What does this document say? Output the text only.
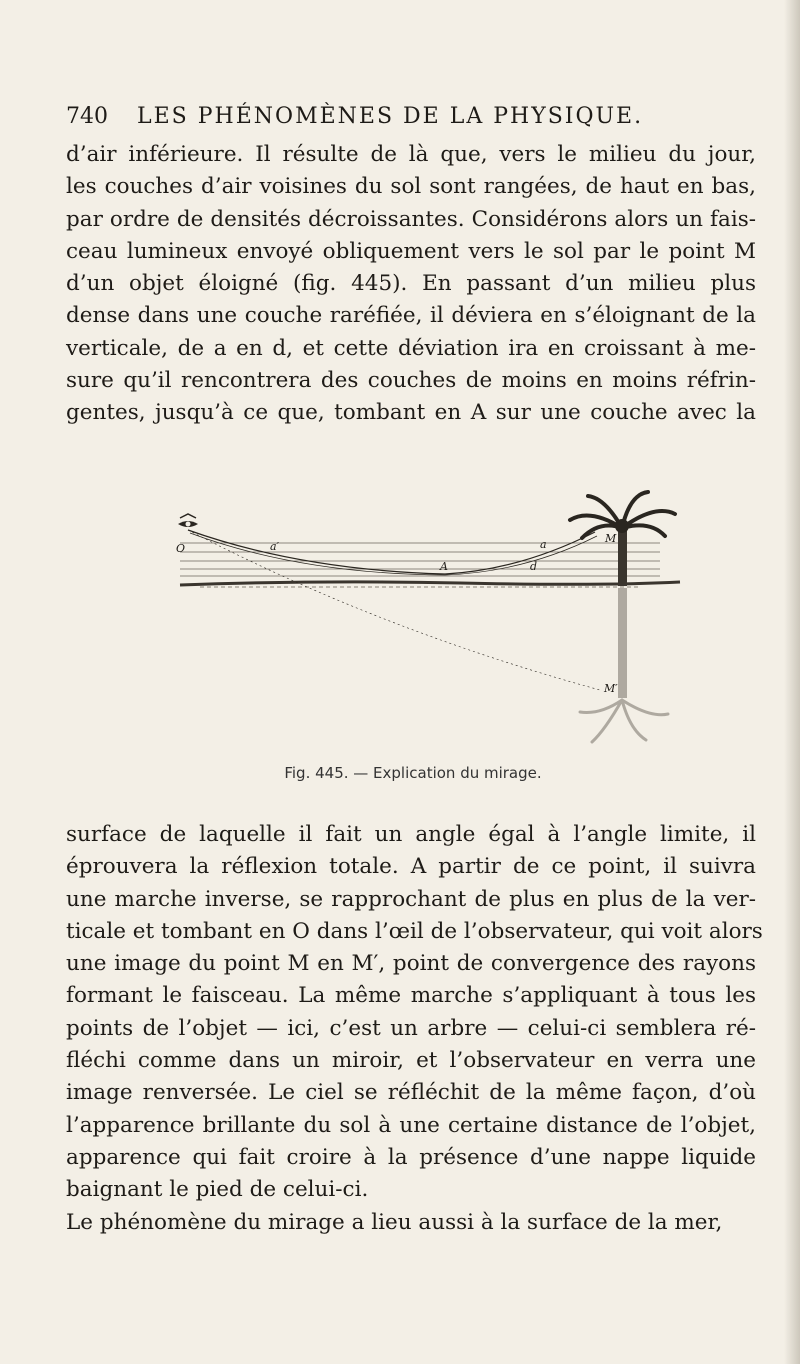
740 LES PHÉNOMÈNES DE LA PHYSIQUE.
d’air inférieure. Il résulte de là que, vers le milieu du jour,
les couches d’air voisines du sol sont rangées, de haut en bas,
par ordre de densités décroissantes. Considérons alors un fais-
ceau lumineux envoyé obliquement vers le sol par le point M
d’un objet éloigné (fig. 445). En passant d’un milieu plus
dense dans une couche raréfiée, il déviera en s’éloignant de la
verticale, de a en d, et cette déviation ira en croissant à me-
sure qu’il rencontrera des couches de moins en moins réfrin-
gentes, jusqu’à ce que, tombant en A sur une couche avec la
O	a′	a
d
A
M
M′
Fig. 445. — Explication du mirage.
surface de laquelle il fait un angle égal à l’angle limite, il
éprouvera la réflexion totale. A partir de ce point, il suivra
une marche inverse, se rapprochant de plus en plus de la ver-
ticale et tombant en O dans l’œil de l’observateur, qui voit alors
une image du point M en M′, point de convergence des rayons
formant le faisceau. La même marche s’appliquant à tous les
points de l’objet — ici, c’est un arbre — celui-ci semblera ré-
fléchi comme dans un miroir, et l’observateur en verra une
image renversée. Le ciel se réfléchit de la même façon, d’où
l’apparence brillante du sol à une certaine distance de l’objet,
apparence qui fait croire à la présence d’une nappe liquide
baignant le pied de celui-ci.
Le phénomène du mirage a lieu aussi à la surface de la mer,
